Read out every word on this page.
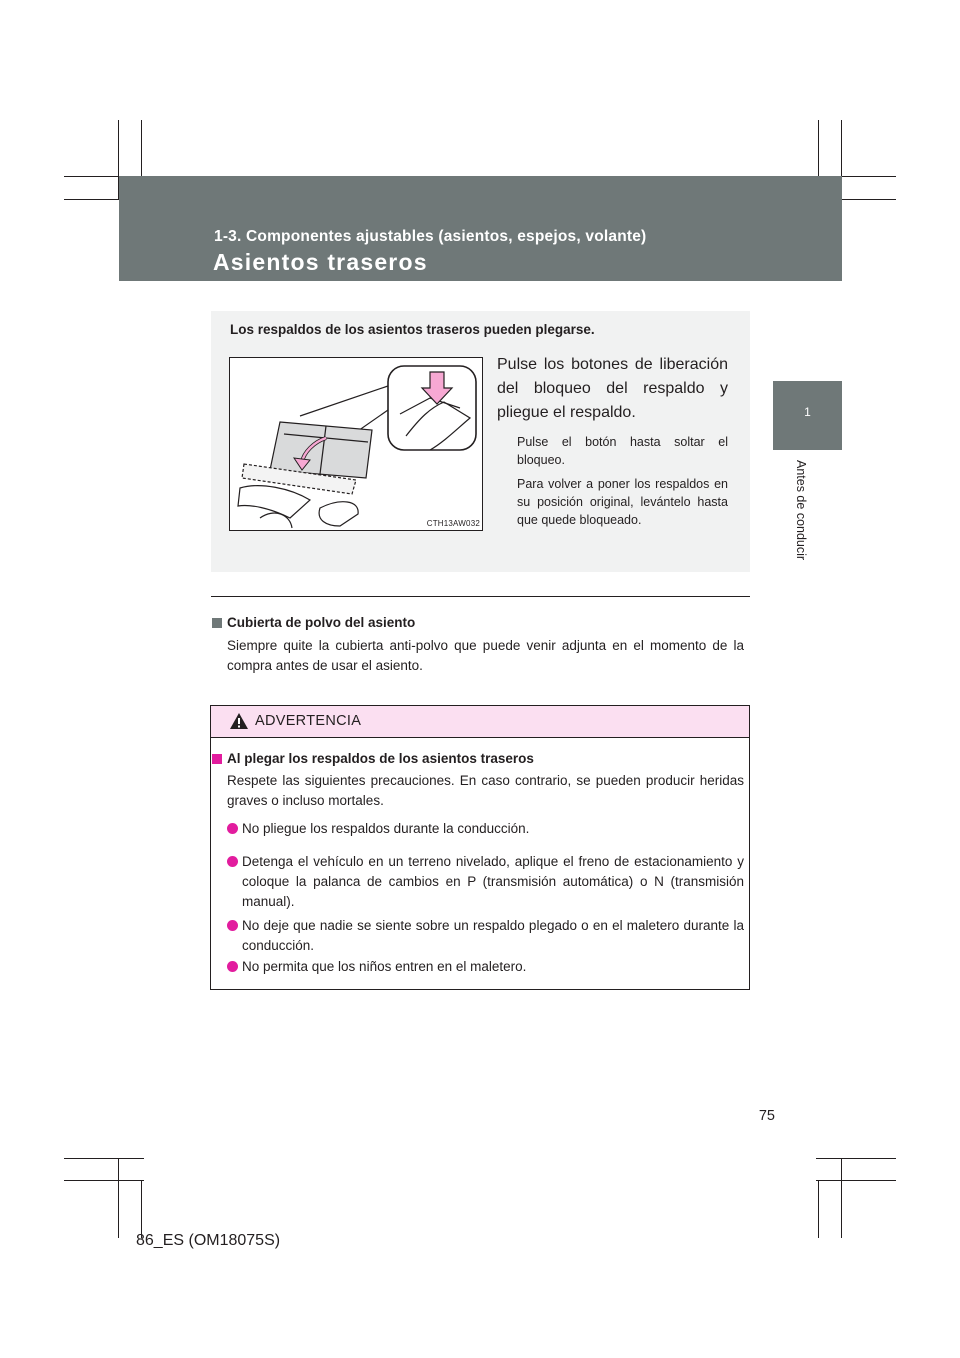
1-3. Componentes ajustables (asientos, espejos, volante)
Asientos traseros
1
Antes de conducir
Los respaldos de los asientos traseros pueden plegarse.
CTH13AW032
Pulse los botones de liberación del bloqueo del respaldo y pliegue el respaldo.
Pulse el botón hasta soltar el bloqueo.
Para volver a poner los respaldos en su posición original, levántelo hasta que quede bloqueado.
Cubierta de polvo del asiento
Siempre quite la cubierta anti-polvo que puede venir adjunta en el momento de la compra antes de usar el asiento.
ADVERTENCIA
Al plegar los respaldos de los asientos traseros
Respete las siguientes precauciones. En caso contrario, se pueden producir heridas graves o incluso mortales.
No pliegue los respaldos durante la conducción.
Detenga el vehículo en un terreno nivelado, aplique el freno de estacionamiento y coloque la palanca de cambios en P (transmisión automática) o N (transmisión manual).
No deje que nadie se siente sobre un respaldo plegado o en el maletero durante la conducción.
No permita que los niños entren en el maletero.
75
86_ES (OM18075S)
